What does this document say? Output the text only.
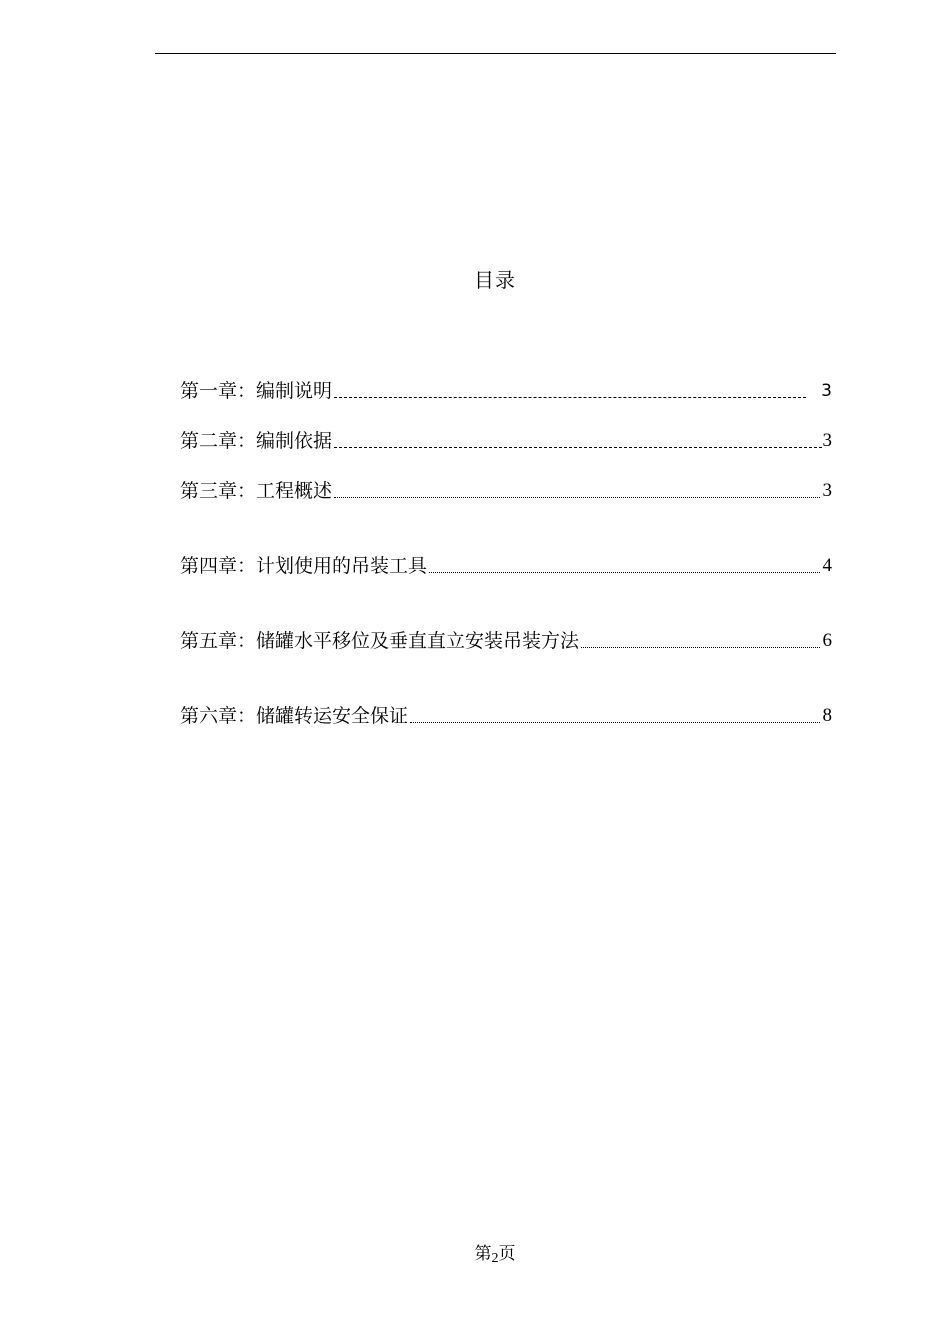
目录
第一章：编制说明	3
第二章：编制依据	3
第三章：工程概述	3
第四章：计划使用的吊装工具	4
第五章：储罐水平移位及垂直直立安装吊装方法	6
第六章：储罐转运安全保证	8
第2页
